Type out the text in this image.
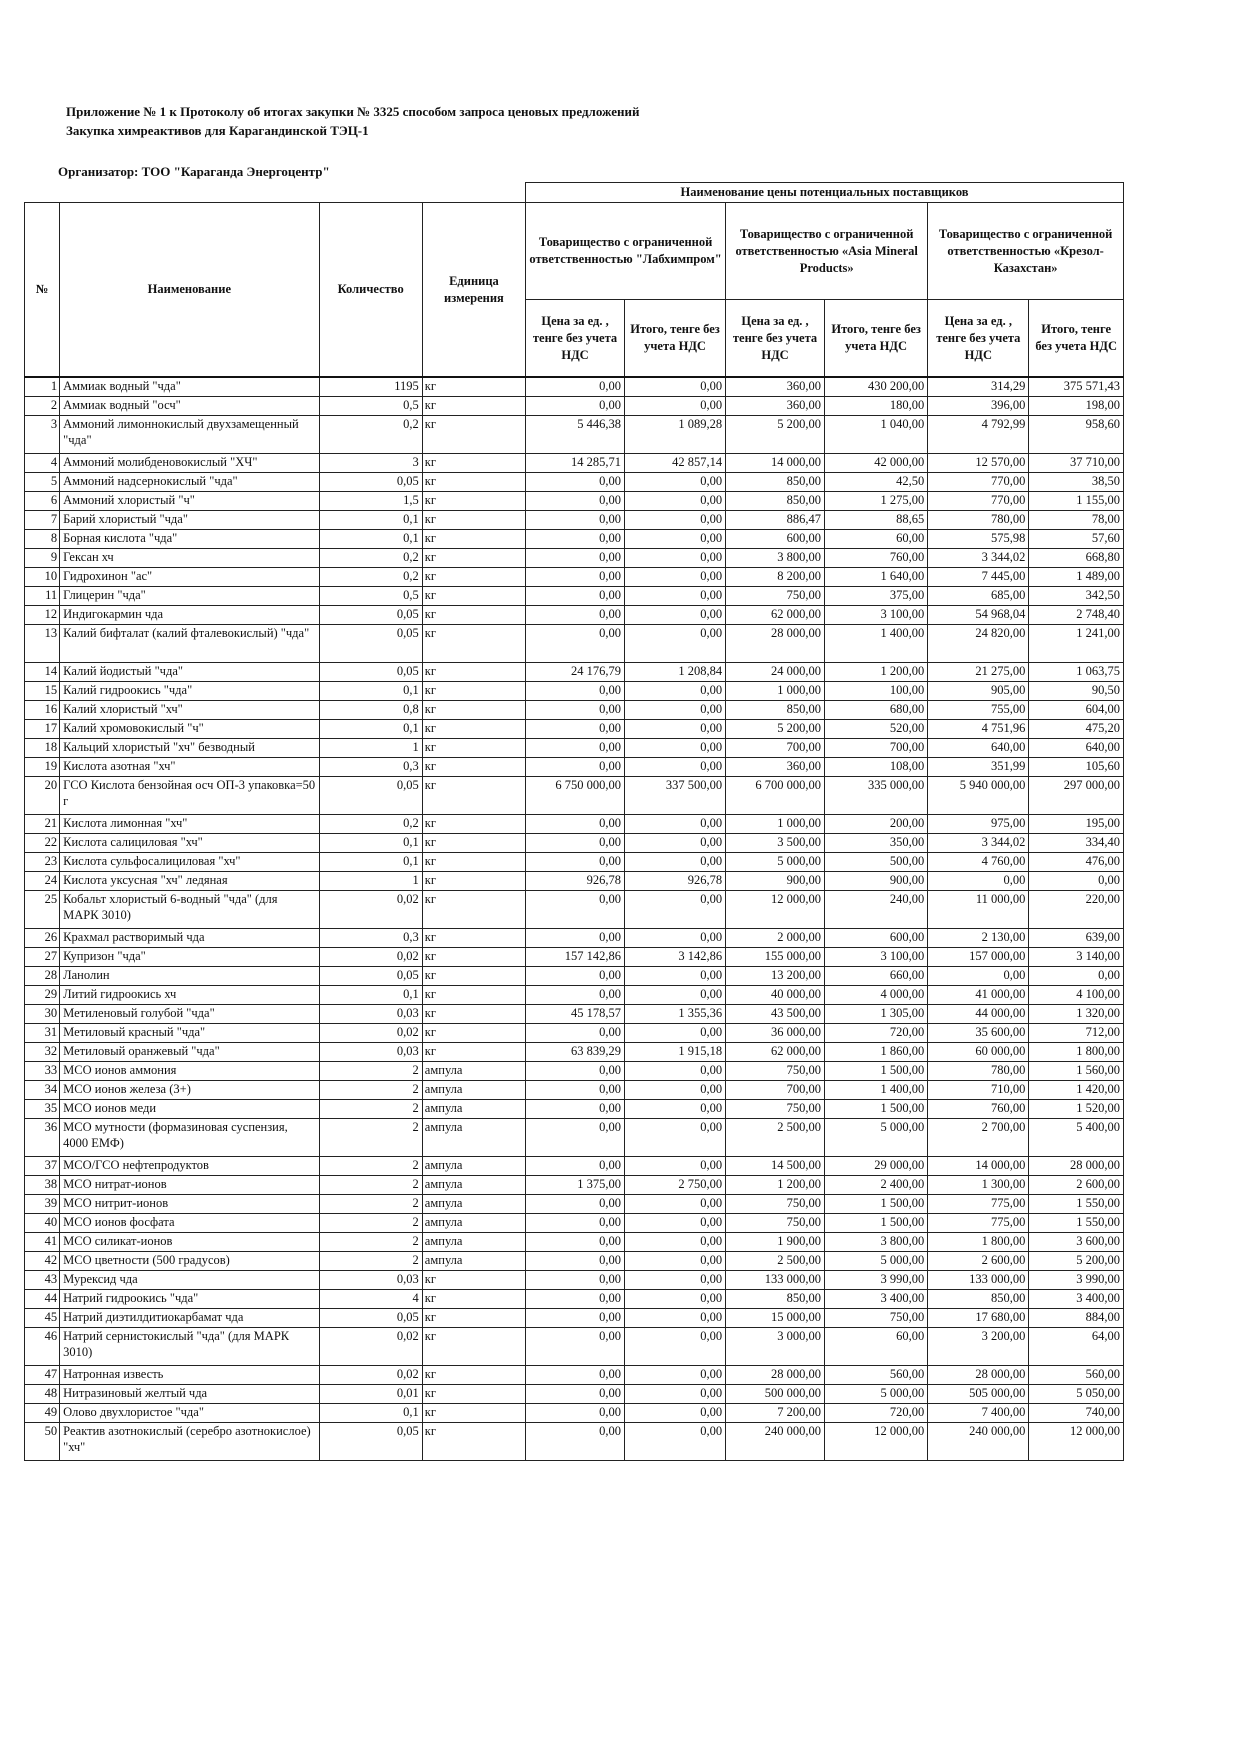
Приложение № 1 к Протоколу об итогах закупки № 3325 способом запроса ценовых предложений
Закупка химреактивов для Карагандинской ТЭЦ-1
Организатор: ТОО "Караганда Энергоцентр"
				Наименование цены потенциальных поставщиков					
№	Наименование	Количество	Единица измерения	Товарищество с ограниченной ответственностью "Лабхимпром"		Товарищество с ограниченной ответственностью «Asia Mineral Products»		Товарищество с ограниченной ответственностью «Крезол-Казахстан»	
				Цена за ед. , тенге без учета НДС	Итого, тенге без учета НДС	Цена за ед. , тенге без учета НДС	Итого, тенге без учета НДС	Цена за ед. , тенге без учета НДС	Итого, тенге без учета НДС
1	Аммиак водный "чда"	1195	кг	0,00	0,00	360,00	430 200,00	314,29	375 571,43
2	Аммиак водный "осч"	0,5	кг	0,00	0,00	360,00	180,00	396,00	198,00
3	Аммоний лимоннокислый двухзамещенный "чда"	0,2	кг	5 446,38	1 089,28	5 200,00	1 040,00	4 792,99	958,60
4	Аммоний молибденовокислый "ХЧ"	3	кг	14 285,71	42 857,14	14 000,00	42 000,00	12 570,00	37 710,00
5	Аммоний надсернокислый "чда"	0,05	кг	0,00	0,00	850,00	42,50	770,00	38,50
6	Аммоний хлористый "ч"	1,5	кг	0,00	0,00	850,00	1 275,00	770,00	1 155,00
7	Барий хлористый "чда"	0,1	кг	0,00	0,00	886,47	88,65	780,00	78,00
8	Борная кислота "чда"	0,1	кг	0,00	0,00	600,00	60,00	575,98	57,60
9	Гексан хч	0,2	кг	0,00	0,00	3 800,00	760,00	3 344,02	668,80
10	Гидрохинон "ас"	0,2	кг	0,00	0,00	8 200,00	1 640,00	7 445,00	1 489,00
11	Глицерин "чда"	0,5	кг	0,00	0,00	750,00	375,00	685,00	342,50
12	Индигокармин чда	0,05	кг	0,00	0,00	62 000,00	3 100,00	54 968,04	2 748,40
13	Калий бифталат (калий фталевокислый) "чда"	0,05	кг	0,00	0,00	28 000,00	1 400,00	24 820,00	1 241,00
14	Калий йодистый "чда"	0,05	кг	24 176,79	1 208,84	24 000,00	1 200,00	21 275,00	1 063,75
15	Калий гидроокись "чда"	0,1	кг	0,00	0,00	1 000,00	100,00	905,00	90,50
16	Калий хлористый "хч"	0,8	кг	0,00	0,00	850,00	680,00	755,00	604,00
17	Калий хромовокислый "ч"	0,1	кг	0,00	0,00	5 200,00	520,00	4 751,96	475,20
18	Кальций хлористый "хч" безводный	1	кг	0,00	0,00	700,00	700,00	640,00	640,00
19	Кислота азотная "хч"	0,3	кг	0,00	0,00	360,00	108,00	351,99	105,60
20	ГСО Кислота бензойная осч ОП-3 упаковка=50 г	0,05	кг	6 750 000,00	337 500,00	6 700 000,00	335 000,00	5 940 000,00	297 000,00
21	Кислота лимонная "хч"	0,2	кг	0,00	0,00	1 000,00	200,00	975,00	195,00
22	Кислота салициловая "хч"	0,1	кг	0,00	0,00	3 500,00	350,00	3 344,02	334,40
23	Кислота сульфосалициловая "хч"	0,1	кг	0,00	0,00	5 000,00	500,00	4 760,00	476,00
24	Кислота уксусная "хч" ледяная	1	кг	926,78	926,78	900,00	900,00	0,00	0,00
25	Кобальт хлористый 6-водный "чда" (для МАРК 3010)	0,02	кг	0,00	0,00	12 000,00	240,00	11 000,00	220,00
26	Крахмал растворимый чда	0,3	кг	0,00	0,00	2 000,00	600,00	2 130,00	639,00
27	Купризон "чда"	0,02	кг	157 142,86	3 142,86	155 000,00	3 100,00	157 000,00	3 140,00
28	Ланолин	0,05	кг	0,00	0,00	13 200,00	660,00	0,00	0,00
29	Литий гидроокись хч	0,1	кг	0,00	0,00	40 000,00	4 000,00	41 000,00	4 100,00
30	Метиленовый голубой "чда"	0,03	кг	45 178,57	1 355,36	43 500,00	1 305,00	44 000,00	1 320,00
31	Метиловый красный "чда"	0,02	кг	0,00	0,00	36 000,00	720,00	35 600,00	712,00
32	Метиловый оранжевый "чда"	0,03	кг	63 839,29	1 915,18	62 000,00	1 860,00	60 000,00	1 800,00
33	МСО ионов аммония	2	ампула	0,00	0,00	750,00	1 500,00	780,00	1 560,00
34	МСО ионов железа (3+)	2	ампула	0,00	0,00	700,00	1 400,00	710,00	1 420,00
35	МСО ионов меди	2	ампула	0,00	0,00	750,00	1 500,00	760,00	1 520,00
36	МСО мутности (формазиновая суспензия, 4000 ЕМФ)	2	ампула	0,00	0,00	2 500,00	5 000,00	2 700,00	5 400,00
37	МСО/ГСО нефтепродуктов	2	ампула	0,00	0,00	14 500,00	29 000,00	14 000,00	28 000,00
38	МСО нитрат-ионов	2	ампула	1 375,00	2 750,00	1 200,00	2 400,00	1 300,00	2 600,00
39	МСО нитрит-ионов	2	ампула	0,00	0,00	750,00	1 500,00	775,00	1 550,00
40	МСО ионов фосфата	2	ампула	0,00	0,00	750,00	1 500,00	775,00	1 550,00
41	МСО силикат-ионов	2	ампула	0,00	0,00	1 900,00	3 800,00	1 800,00	3 600,00
42	МСО цветности (500 градусов)	2	ампула	0,00	0,00	2 500,00	5 000,00	2 600,00	5 200,00
43	Мурексид чда	0,03	кг	0,00	0,00	133 000,00	3 990,00	133 000,00	3 990,00
44	Натрий гидроокись "чда"	4	кг	0,00	0,00	850,00	3 400,00	850,00	3 400,00
45	Натрий диэтилдитиокарбамат чда	0,05	кг	0,00	0,00	15 000,00	750,00	17 680,00	884,00
46	Натрий сернистокислый "чда" (для МАРК 3010)	0,02	кг	0,00	0,00	3 000,00	60,00	3 200,00	64,00
47	Натронная известь	0,02	кг	0,00	0,00	28 000,00	560,00	28 000,00	560,00
48	Нитразиновый желтый чда	0,01	кг	0,00	0,00	500 000,00	5 000,00	505 000,00	5 050,00
49	Олово двухлористое "чда"	0,1	кг	0,00	0,00	7 200,00	720,00	7 400,00	740,00
50	Реактив азотнокислый (серебро азотнокислое) "хч"	0,05	кг	0,00	0,00	240 000,00	12 000,00	240 000,00	12 000,00
